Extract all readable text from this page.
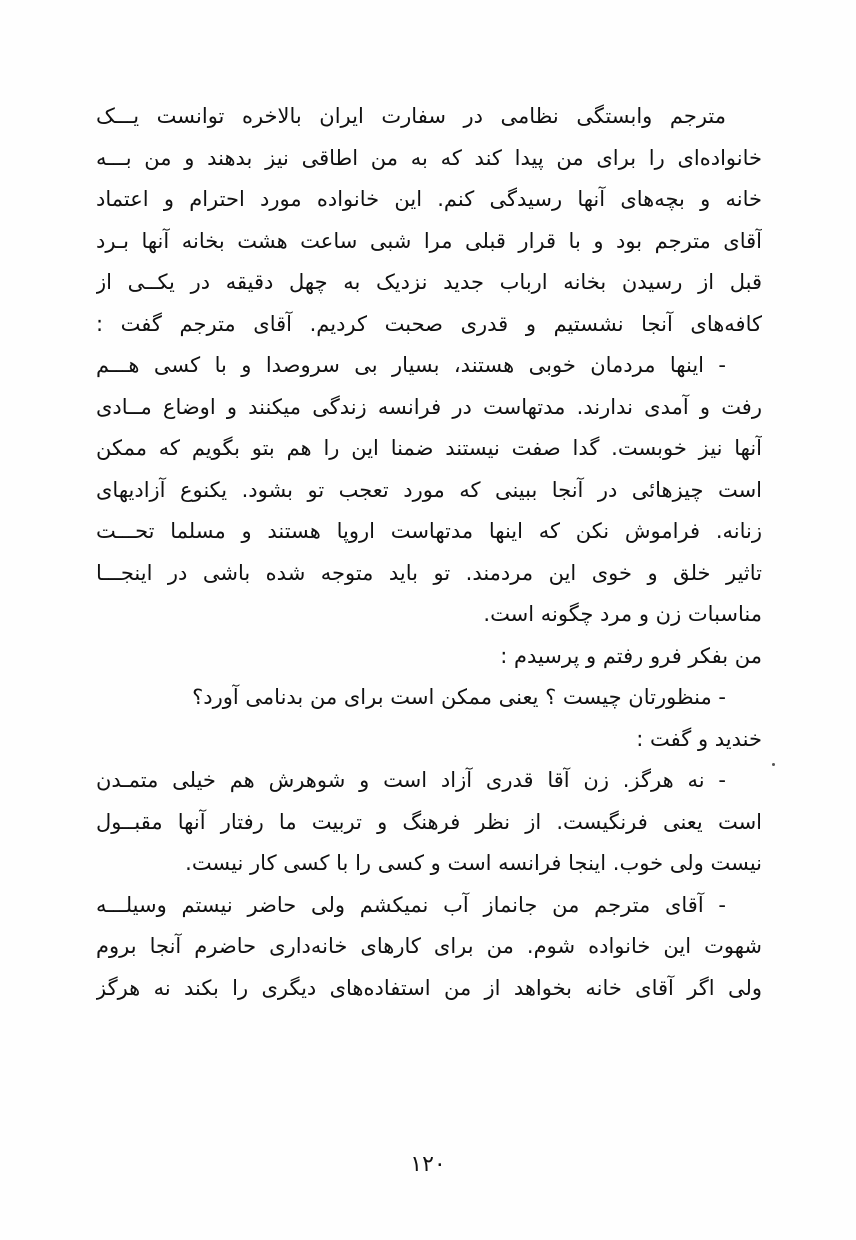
مترجم وابستگی نظامی در سفارت ایران بالاخره توانست یـــک
خانواده‌ای را برای من پیدا کند که به من اطاقی نیز بدهند و من بـــه
خانه و بچه‌های آنها رسیدگی کنم. این خانواده مورد احترام و اعتماد
آقای مترجم بود و با قرار قبلی مرا شبی ساعت هشت بخانه آنها بـرد
قبل از رسیدن بخانه ارباب جدید نزدیک به چهل دقیقه در یکــی از
کافه‌های آنجا نشستیم و قدری صحبت کردیم. آقای مترجم گفت :
- اینها مردمان خوبی هستند، بسیار بی سروصدا و با کسی هـــم
رفت و آمدی ندارند. مدتهاست در فرانسه زندگی میکنند و اوضاع مــادی
آنها نیز خوبست. گدا صفت نیستند ضمنا این را هم بتو بگویم که ممکن
است چیزهائی در آنجا ببینی که مورد تعجب تو بشود. یکنوع آزادیهای
زنانه. فراموش نکن که اینها مدتهاست اروپا هستند و مسلما تحـــت
تاثیر خلق و خوی این مردمند. تو باید متوجه شده باشی در اینجـــا
مناسبات زن و مرد چگونه است.
من بفکر فرو رفتم و پرسیدم :
- منظورتان چیست ؟ یعنی ممکن است برای من بدنامی آورد؟
خندید و گفت :
- نه هرگز. زن آقا قدری آزاد است و شوهرش هم خیلی متمـدن
است یعنی فرنگیست. از نظر فرهنگ و تربیت ما رفتار آنها مقبــول
نیست ولی خوب. اینجا فرانسه است و کسی را با کسی کار نیست.
- آقای مترجم من جانماز آب نمیکشم ولی حاضر نیستم وسیلـــه
شهوت این خانواده شوم. من برای کارهای خانه‌داری حاضرم آنجا بروم
ولی اگر آقای خانه بخواهد از من استفاده‌های دیگری را بکند نه هرگز
١٢٠
